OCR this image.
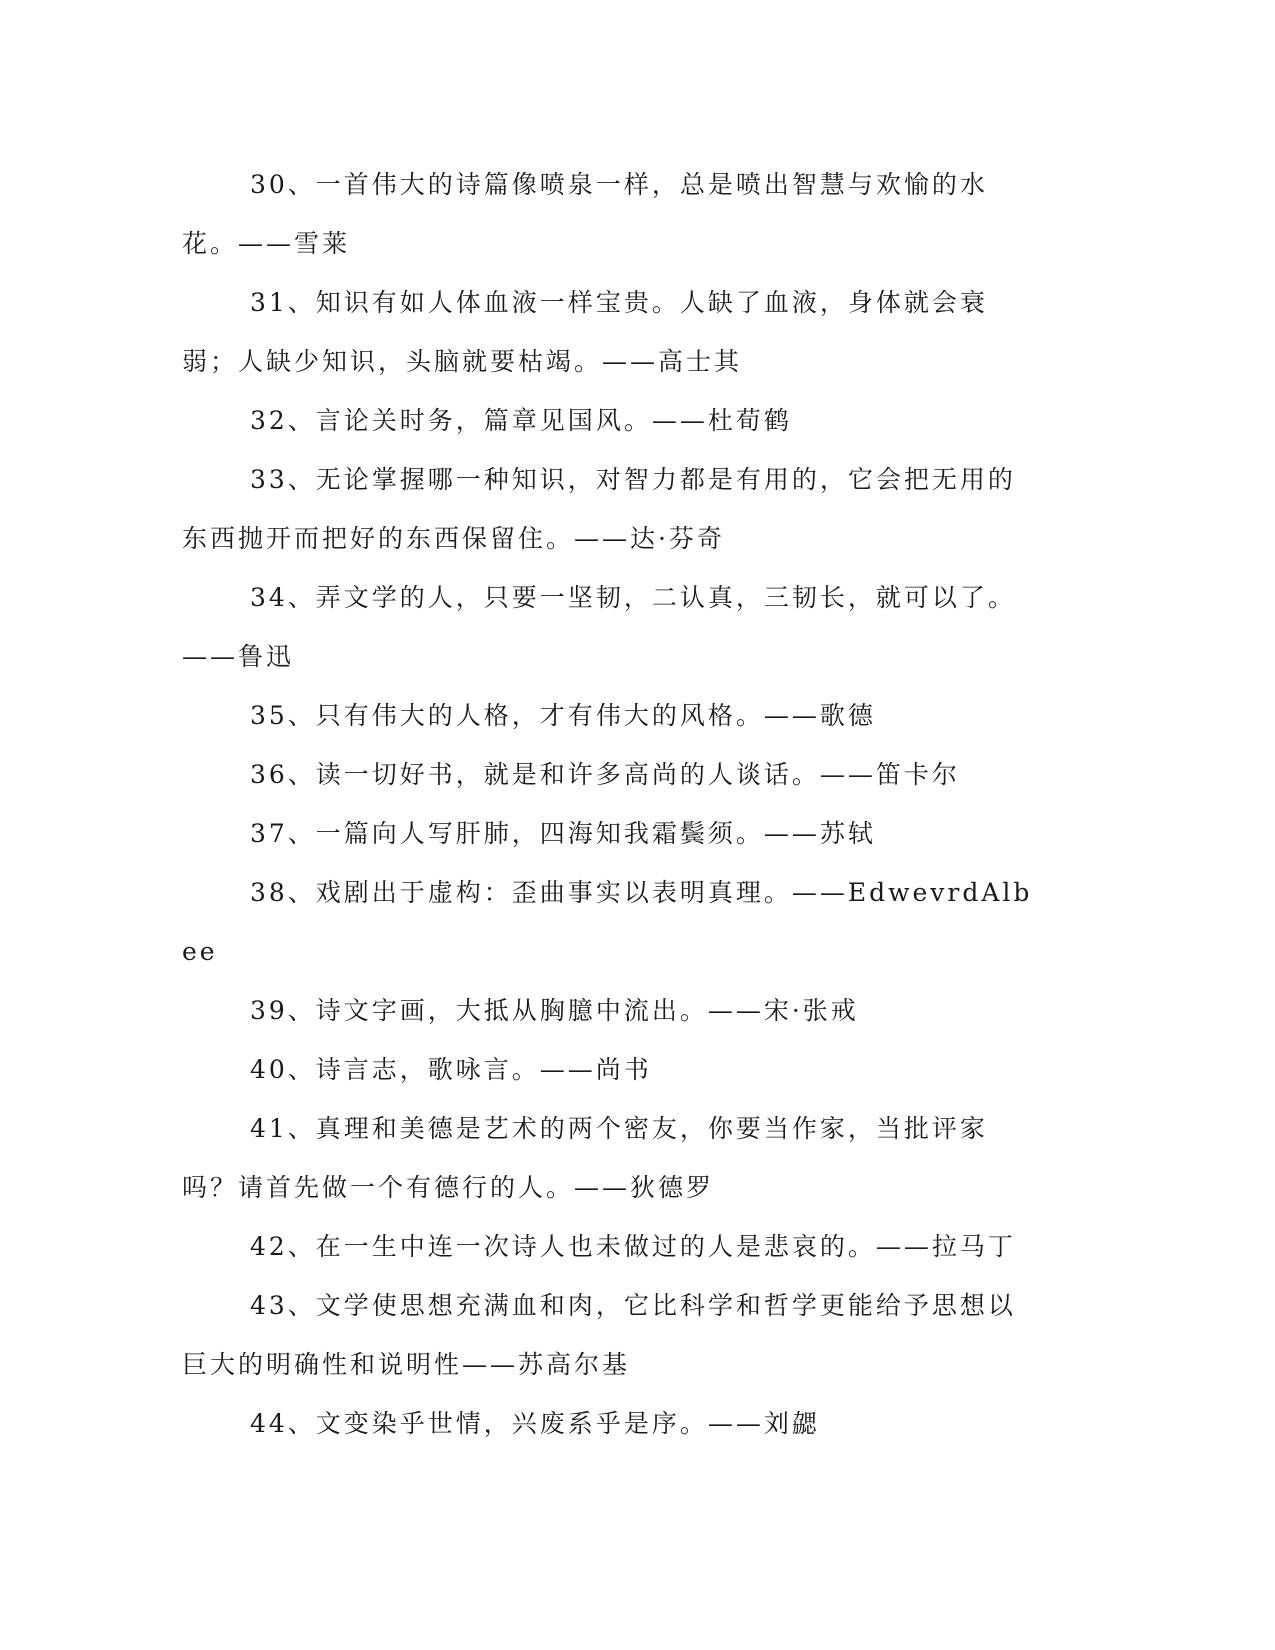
30、一首伟大的诗篇像喷泉一样，总是喷出智慧与欢愉的水花。——雪莱

31、知识有如人体血液一样宝贵。人缺了血液，身体就会衰弱；人缺少知识，头脑就要枯竭。——高士其

32、言论关时务，篇章见国风。——杜荀鹤

33、无论掌握哪一种知识，对智力都是有用的，它会把无用的东西抛开而把好的东西保留住。——达·芬奇

34、弄文学的人，只要一坚韧，二认真，三韧长，就可以了。——鲁迅

35、只有伟大的人格，才有伟大的风格。——歌德

36、读一切好书，就是和许多高尚的人谈话。——笛卡尔

37、一篇向人写肝肺，四海知我霜鬓须。——苏轼

38、戏剧出于虚构：歪曲事实以表明真理。——EdwevrdAlbee

39、诗文字画，大抵从胸臆中流出。——宋·张戒

40、诗言志，歌咏言。——尚书

41、真理和美德是艺术的两个密友，你要当作家，当批评家吗？请首先做一个有德行的人。——狄德罗

42、在一生中连一次诗人也未做过的人是悲哀的。——拉马丁

43、文学使思想充满血和肉，它比科学和哲学更能给予思想以巨大的明确性和说明性——苏高尔基

44、文变染乎世情，兴废系乎是序。——刘勰
